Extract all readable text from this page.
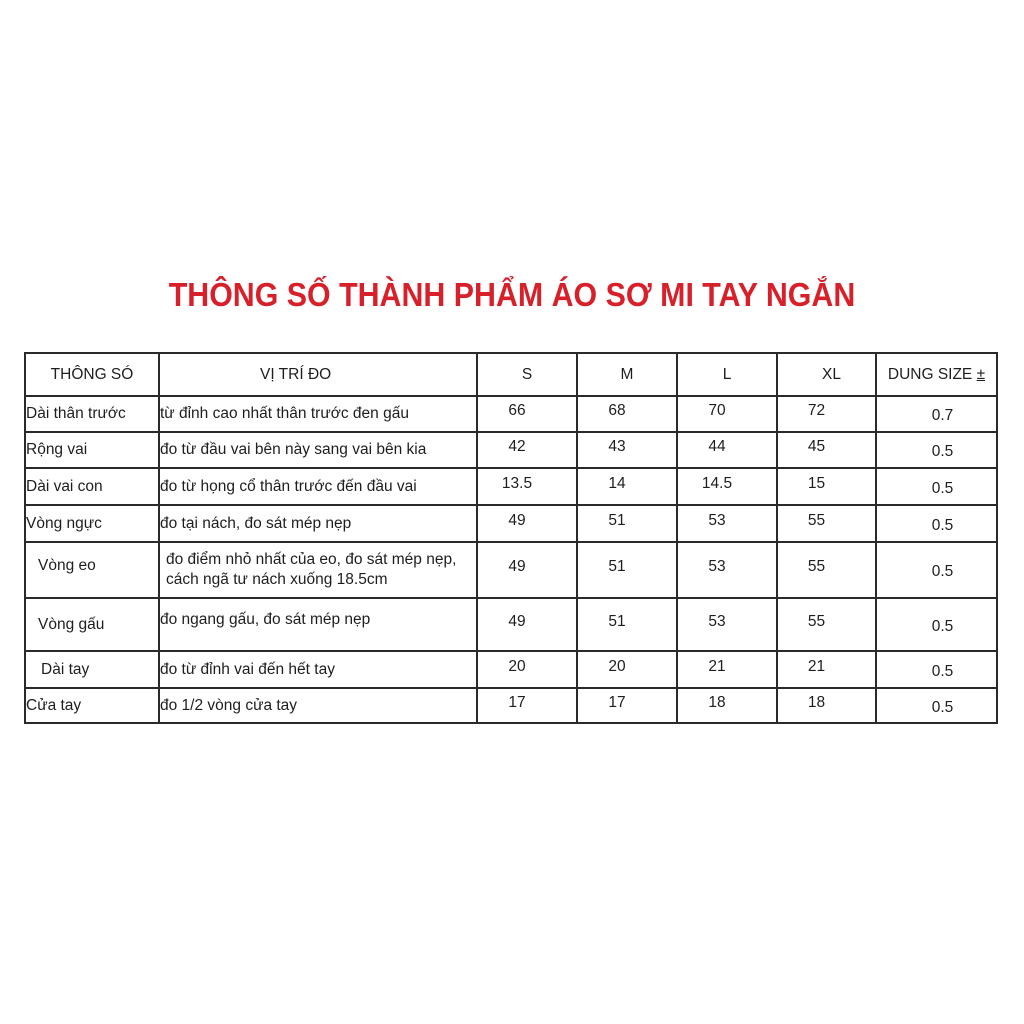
THÔNG SỐ THÀNH PHẨM ÁO SƠ MI TAY NGẮN
THÔNG SÓ	VỊ TRÍ ĐO	S	M	L	XL	DUNG SIZE ±
Dài thân trước	từ đỉnh cao nhất thân trước đen gấu	66	68	70	72	0.7
Rộng vai	đo từ đầu vai bên này sang vai bên kia	42	43	44	45	0.5
Dài vai con	đo từ họng cổ thân trước đến đầu vai	13.5	14	14.5	15	0.5
Vòng ngực	đo tại nách, đo sát mép nẹp	49	51	53	55	0.5
Vòng eo	đo điểm nhỏ nhất của eo, đo sát mép nẹp, cách ngã tư nách xuống 18.5cm	49	51	53	55	0.5
Vòng gấu	đo ngang gấu, đo sát mép nẹp	49	51	53	55	0.5
Dài tay	đo từ đỉnh vai đến hết tay	20	20	21	21	0.5
Cửa tay	đo 1/2 vòng cửa tay	17	17	18	18	0.5
